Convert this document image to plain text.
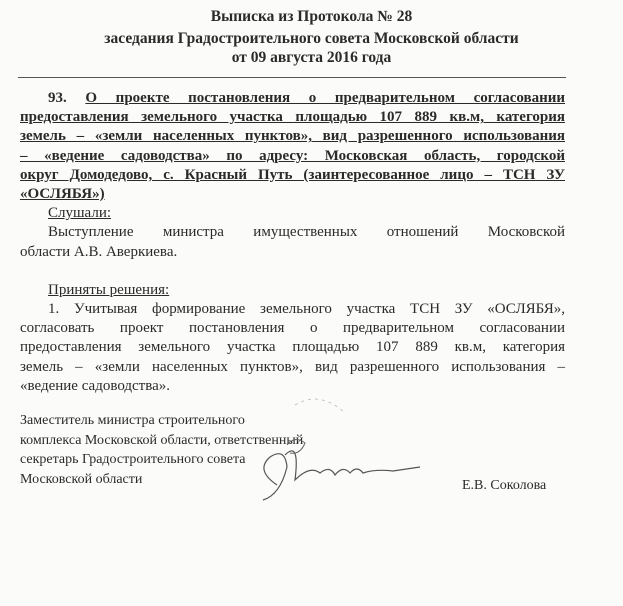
Выписка из Протокола № 28
заседания Градостроительного совета Московской области
от 09 августа 2016 года
93. О проекте постановления о предварительном согласовании
предоставления земельного участка площадью 107 889 кв.м, категория
земель – «земли населенных пунктов», вид разрешенного использования
– «ведение садоводства» по адресу: Московская область, городской
округ Домодедово, с. Красный Путь (заинтересованное лицо – ТСН ЗУ
«ОСЛЯБЯ»)
Слушали:
Выступление министра имущественных отношений Московской
области А.В. Аверкиева.
Приняты решения:
1. Учитывая формирование земельного участка ТСН ЗУ «ОСЛЯБЯ»,
согласовать проект постановления о предварительном согласовании
предоставления земельного участка площадью 107 889 кв.м, категория
земель – «земли населенных пунктов», вид разрешенного использования –
«ведение садоводства».
Заместитель министра строительного
комплекса Московской области, ответственный
секретарь Градостроительного совета
Московской области	Е.В. Соколова
